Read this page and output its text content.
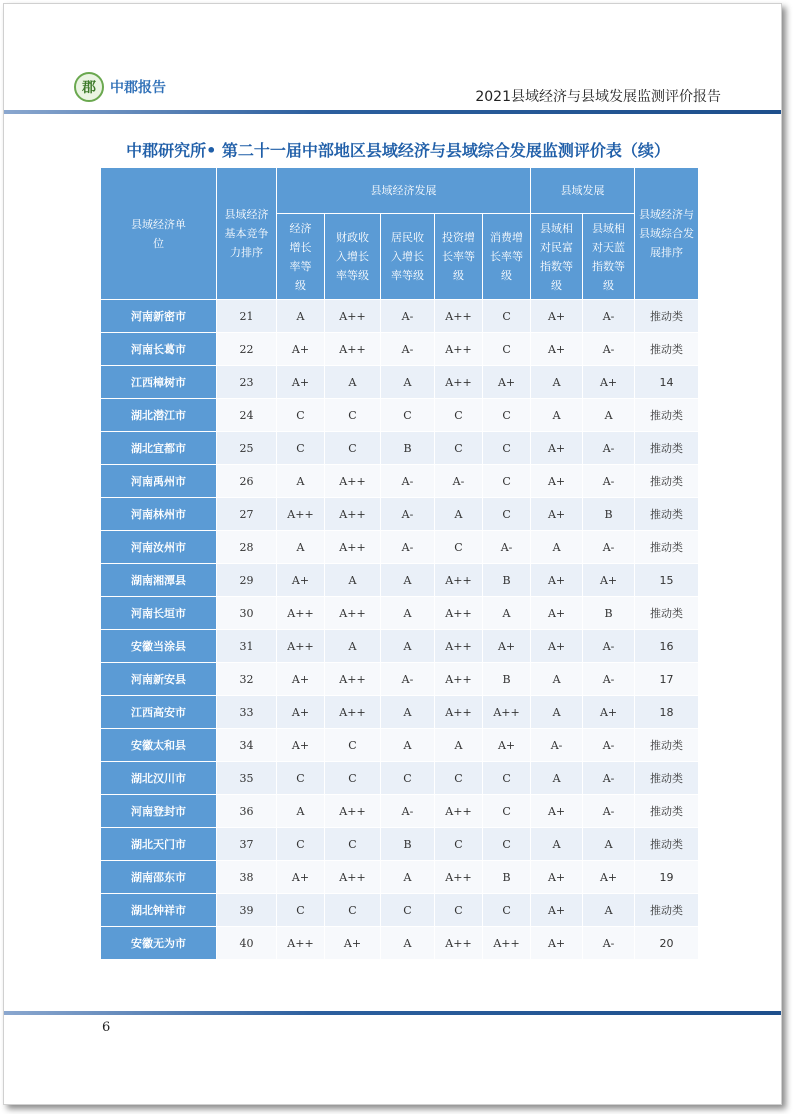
郡	中郡报告
2021县域经济与县域发展监测评价报告
中郡研究所• 第二十一届中部地区县域经济与县域综合发展监测评价表（续）
县域经济单位	县域经济基本竞争力排序	县域经济发展					县域发展		县域经济与县域综合发展排序
		经济增长率等级	财政收入增长率等级	居民收入增长率等级	投资增长率等级	消费增长率等级	县域相对民富指数等级	县域相对天蓝指数等级	
河南新密市	21	A	A++	A-	A++	C	A+	A-	推动类
河南长葛市	22	A+	A++	A-	A++	C	A+	A-	推动类
江西樟树市	23	A+	A	A	A++	A+	A	A+	14
湖北潜江市	24	C	C	C	C	C	A	A	推动类
湖北宜都市	25	C	C	B	C	C	A+	A-	推动类
河南禹州市	26	A	A++	A-	A-	C	A+	A-	推动类
河南林州市	27	A++	A++	A-	A	C	A+	B	推动类
河南汝州市	28	A	A++	A-	C	A-	A	A-	推动类
湖南湘潭县	29	A+	A	A	A++	B	A+	A+	15
河南长垣市	30	A++	A++	A	A++	A	A+	B	推动类
安徽当涂县	31	A++	A	A	A++	A+	A+	A-	16
河南新安县	32	A+	A++	A-	A++	B	A	A-	17
江西高安市	33	A+	A++	A	A++	A++	A	A+	18
安徽太和县	34	A+	C	A	A	A+	A-	A-	推动类
湖北汉川市	35	C	C	C	C	C	A	A-	推动类
河南登封市	36	A	A++	A-	A++	C	A+	A-	推动类
湖北天门市	37	C	C	B	C	C	A	A	推动类
湖南邵东市	38	A+	A++	A	A++	B	A+	A+	19
湖北钟祥市	39	C	C	C	C	C	A+	A	推动类
安徽无为市	40	A++	A+	A	A++	A++	A+	A-	20
6
